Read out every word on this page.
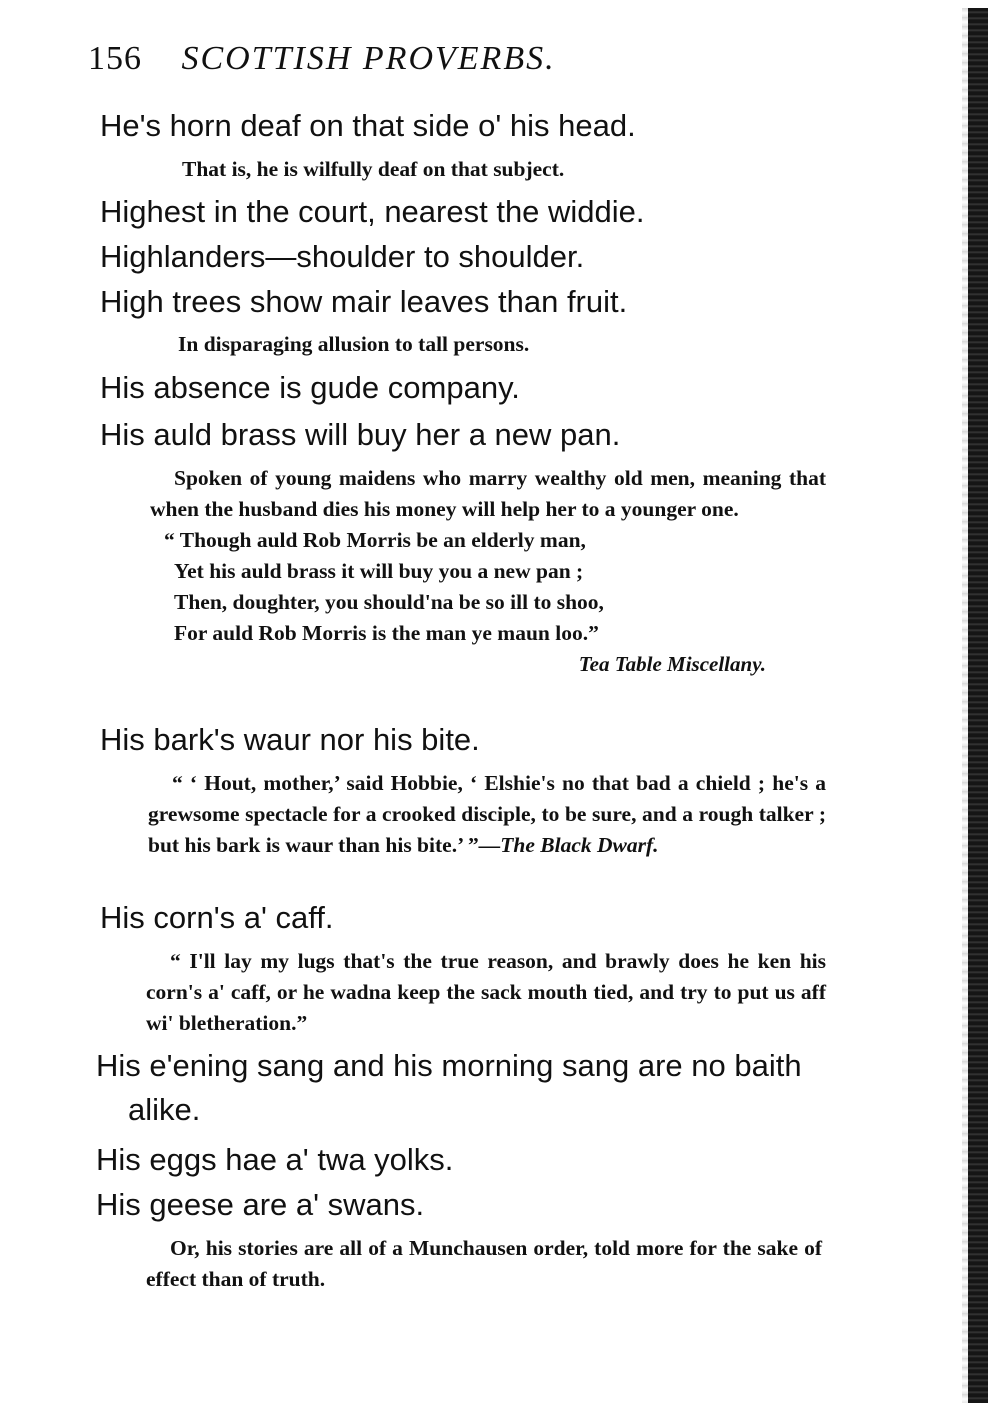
156 SCOTTISH PROVERBS.
He's horn deaf on that side o' his head.
That is, he is wilfully deaf on that subject.
Highest in the court, nearest the widdie.
Highlanders—shoulder to shoulder.
High trees show mair leaves than fruit.
In disparaging allusion to tall persons.
His absence is gude company.
His auld brass will buy her a new pan.
Spoken of young maidens who marry wealthy old men, meaning that when the husband dies his money will help her to a younger one.
“ Though auld Rob Morris be an elderly man,
Yet his auld brass it will buy you a new pan ;
Then, doughter, you should'na be so ill to shoo,
For auld Rob Morris is the man ye maun loo.”
Tea Table Miscellany.
His bark's waur nor his bite.
“ ‘ Hout, mother,’ said Hobbie, ‘ Elshie's no that bad a chield ; he's a grewsome spectacle for a crooked disciple, to be sure, and a rough talker ; but his bark is waur than his bite.’ ”—The Black Dwarf.
His corn's a' caff.
“ I'll lay my lugs that's the true reason, and brawly does he ken his corn's a' caff, or he wadna keep the sack mouth tied, and try to put us aff wi' bletheration.”
His e'ening sang and his morning sang are no baith alike.
His eggs hae a' twa yolks.
His geese are a' swans.
Or, his stories are all of a Munchausen order, told more for the sake of effect than of truth.
